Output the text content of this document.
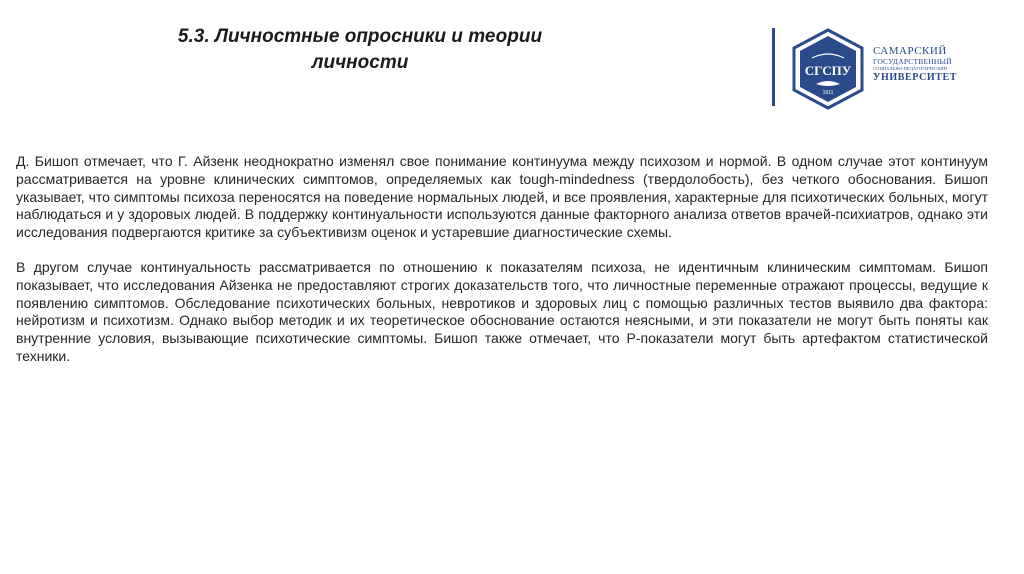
5.3. Личностные опросники и теории
личности	СГСПУ
1911
САМАРСКИЙ
ГОСУДАРСТВЕННЫЙ
СОЦИАЛЬНО-ПЕДАГОГИЧЕСКИЙ
УНИВЕРСИТЕТ

Д. Бишоп отмечает, что Г. Айзенк неоднократно изменял свое понимание континуума между психозом и нормой. В одном случае этот континуум рассматривается на уровне клинических симптомов, определяемых как tough-mindedness (твердолобость), без четкого обоснования. Бишоп указывает, что симптомы психоза переносятся на поведение нормальных людей, и все проявления, характерные для психотических больных, могут наблюдаться и у здоровых людей. В поддержку континуальности используются данные факторного анализа ответов врачей-психиатров, однако эти исследования подвергаются критике за субъективизм оценок и устаревшие диагностические схемы.

В другом случае континуальность рассматривается по отношению к показателям психоза, не идентичным клиническим симптомам. Бишоп показывает, что исследования Айзенка не предоставляют строгих доказательств того, что личностные переменные отражают процессы, ведущие к появлению симптомов. Обследование психотических больных, невротиков и здоровых лиц с помощью различных тестов выявило два фактора: нейротизм и психотизм. Однако выбор методик и их теоретическое обоснование остаются неясными, и эти показатели не могут быть поняты как внутренние условия, вызывающие психотические симптомы. Бишоп также отмечает, что Р-показатели могут быть артефактом статистической техники.
